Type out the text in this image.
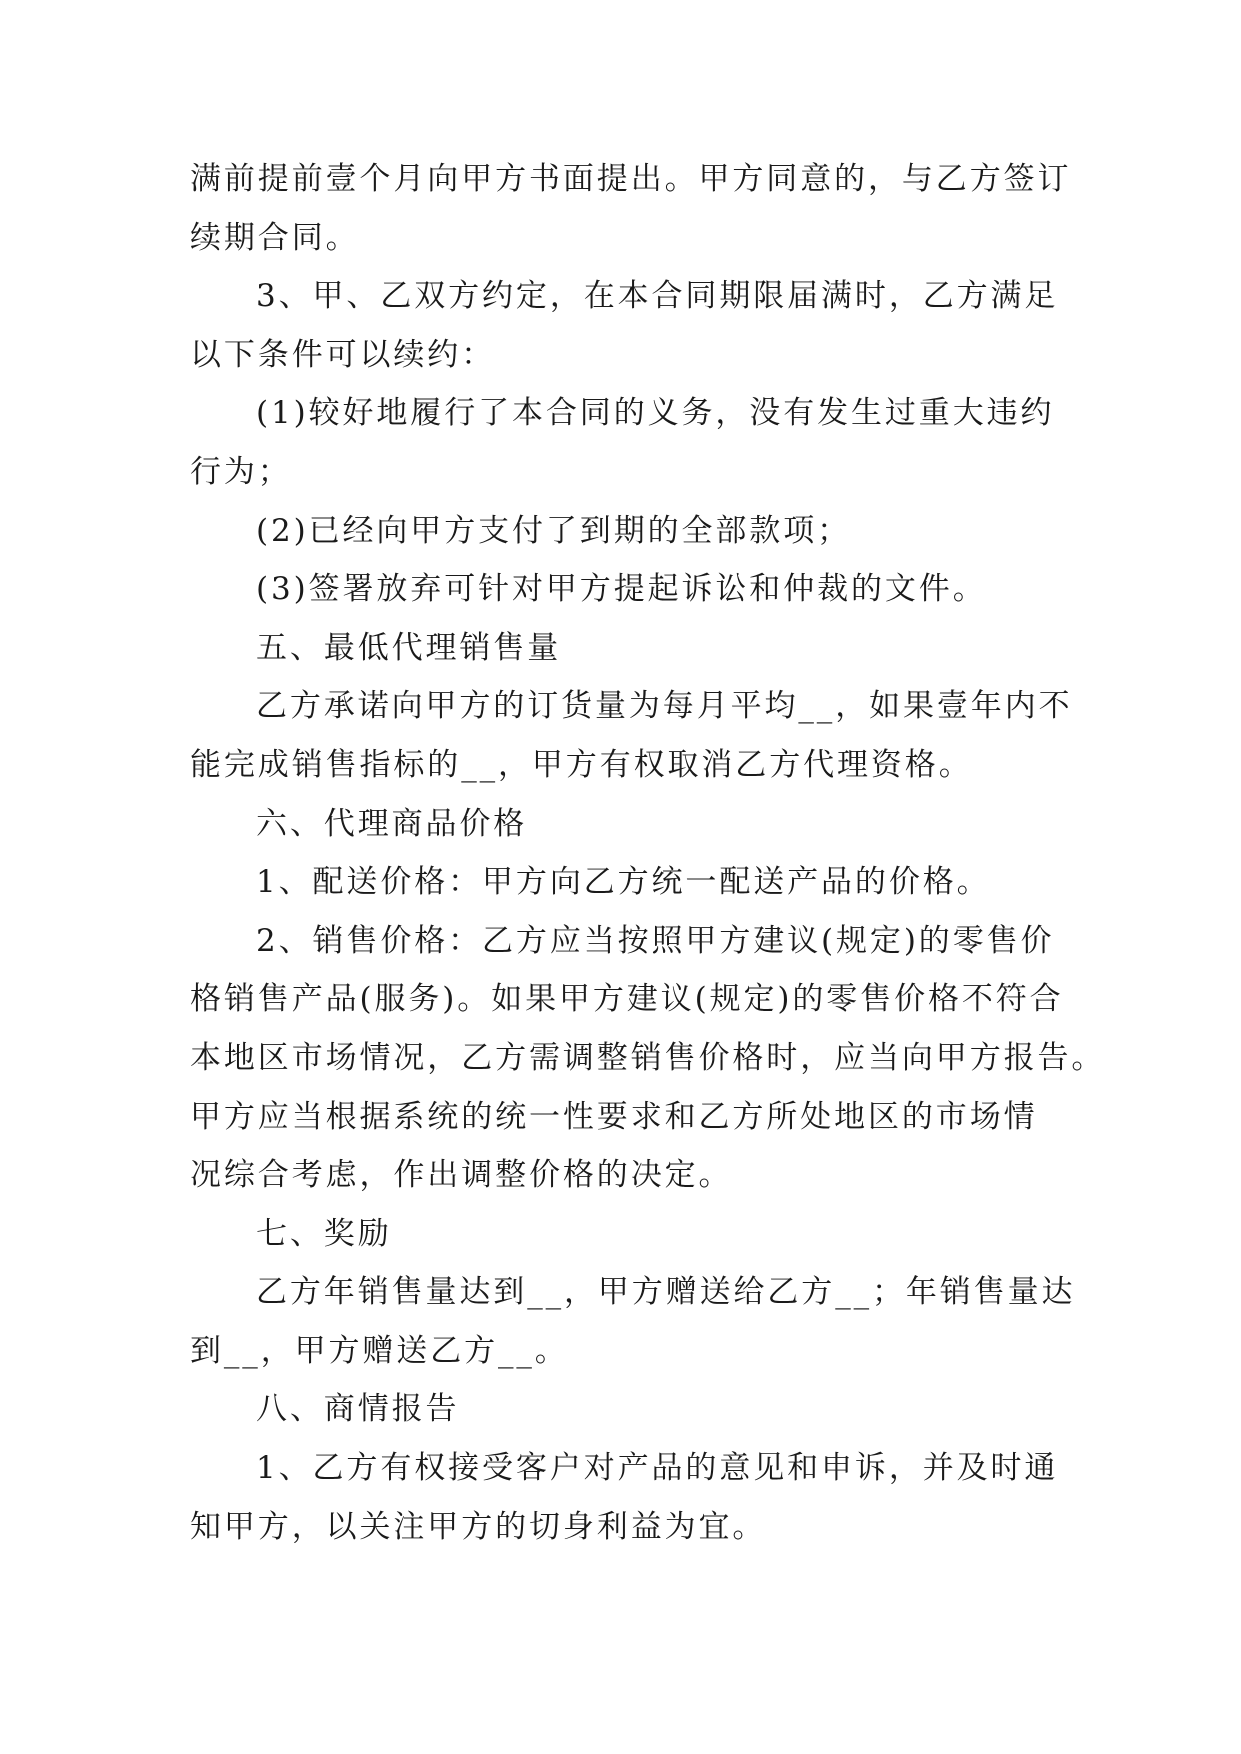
满前提前壹个月向甲方书面提出。甲方同意的，与乙方签订
续期合同。
3、甲、乙双方约定，在本合同期限届满时，乙方满足
以下条件可以续约：
(1)较好地履行了本合同的义务，没有发生过重大违约
行为；
(2)已经向甲方支付了到期的全部款项；
(3)签署放弃可针对甲方提起诉讼和仲裁的文件。
五、最低代理销售量
乙方承诺向甲方的订货量为每月平均__，如果壹年内不
能完成销售指标的__，甲方有权取消乙方代理资格。
六、代理商品价格
1、配送价格：甲方向乙方统一配送产品的价格。
2、销售价格：乙方应当按照甲方建议(规定)的零售价
格销售产品(服务)。如果甲方建议(规定)的零售价格不符合
本地区市场情况，乙方需调整销售价格时，应当向甲方报告。
甲方应当根据系统的统一性要求和乙方所处地区的市场情
况综合考虑，作出调整价格的决定。
七、奖励
乙方年销售量达到__，甲方赠送给乙方__；年销售量达
到__，甲方赠送乙方__。
八、商情报告
1、乙方有权接受客户对产品的意见和申诉，并及时通
知甲方，以关注甲方的切身利益为宜。
